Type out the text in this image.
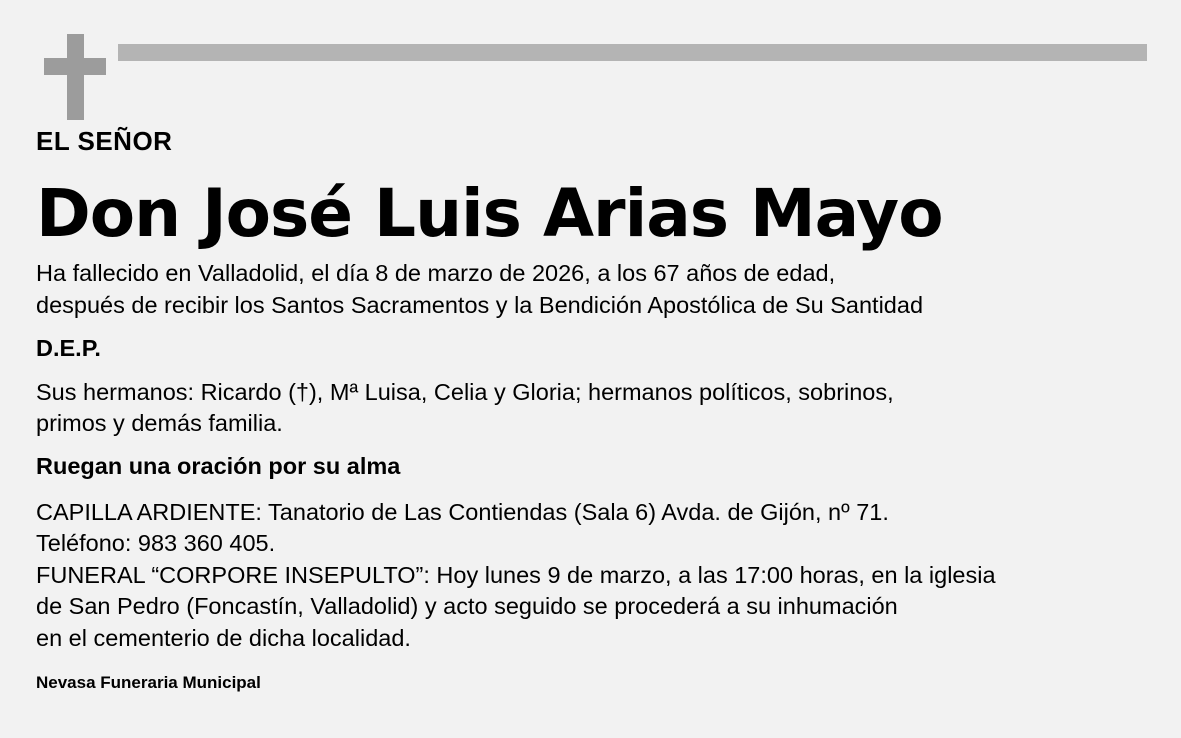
EL SEÑOR

Don José Luis Arias Mayo
Ha fallecido en Valladolid, el día 8 de marzo de 2026, a los 67 años de edad,
después de recibir los Santos Sacramentos y la Bendición Apostólica de Su Santidad

D.E.P.

Sus hermanos: Ricardo (†), Mª Luisa, Celia y Gloria; hermanos políticos, sobrinos,
primos y demás familia.

Ruegan una oración por su alma

CAPILLA ARDIENTE: Tanatorio de Las Contiendas (Sala 6) Avda. de Gijón, nº 71.
Teléfono: 983 360 405.
FUNERAL “CORPORE INSEPULTO”: Hoy lunes 9 de marzo, a las 17:00 horas, en la iglesia
de San Pedro (Foncastín, Valladolid) y acto seguido se procederá a su inhumación
en el cementerio de dicha localidad.

Nevasa Funeraria Municipal
